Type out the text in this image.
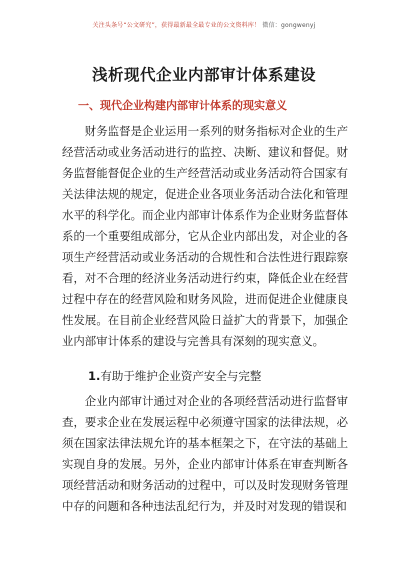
关注头条号“公文研究”，获得最新最全最专业的公文资料库！ 微信：gongwenyj
浅析现代企业内部审计体系建设
一、现代企业构建内部审计体系的现实意义

财务监督是企业运用一系列的财务指标对企业的生产经营活动或业务活动进行的监控、决断、建议和督促。财务监督能督促企业的生产经营活动或业务活动符合国家有关法律法规的规定，促进企业各项业务活动合法化和管理水平的科学化。而企业内部审计体系作为企业财务监督体系的一个重要组成部分，它从企业内部出发，对企业的各项生产经营活动或业务活动的合规性和合法性进行跟踪察看，对不合理的经济业务活动进行约束，降低企业在经营过程中存在的经营风险和财务风险，进而促进企业健康良性发展。在目前企业经营风险日益扩大的背景下，加强企业内部审计体系的建设与完善具有深刻的现实意义。

1.有助于维护企业资产安全与完整

企业内部审计通过对企业的各项经营活动进行监督审查，要求企业在发展运程中必须遵守国家的法律法规，必须在国家法律法规允许的基本框架之下，在守法的基础上实现自身的发展。另外，企业内部审计体系在审查判断各项经营活动和财务活动的过程中，可以及时发现财务管理中存的问题和各种违法乱纪行为，并及时对发现的错误和
